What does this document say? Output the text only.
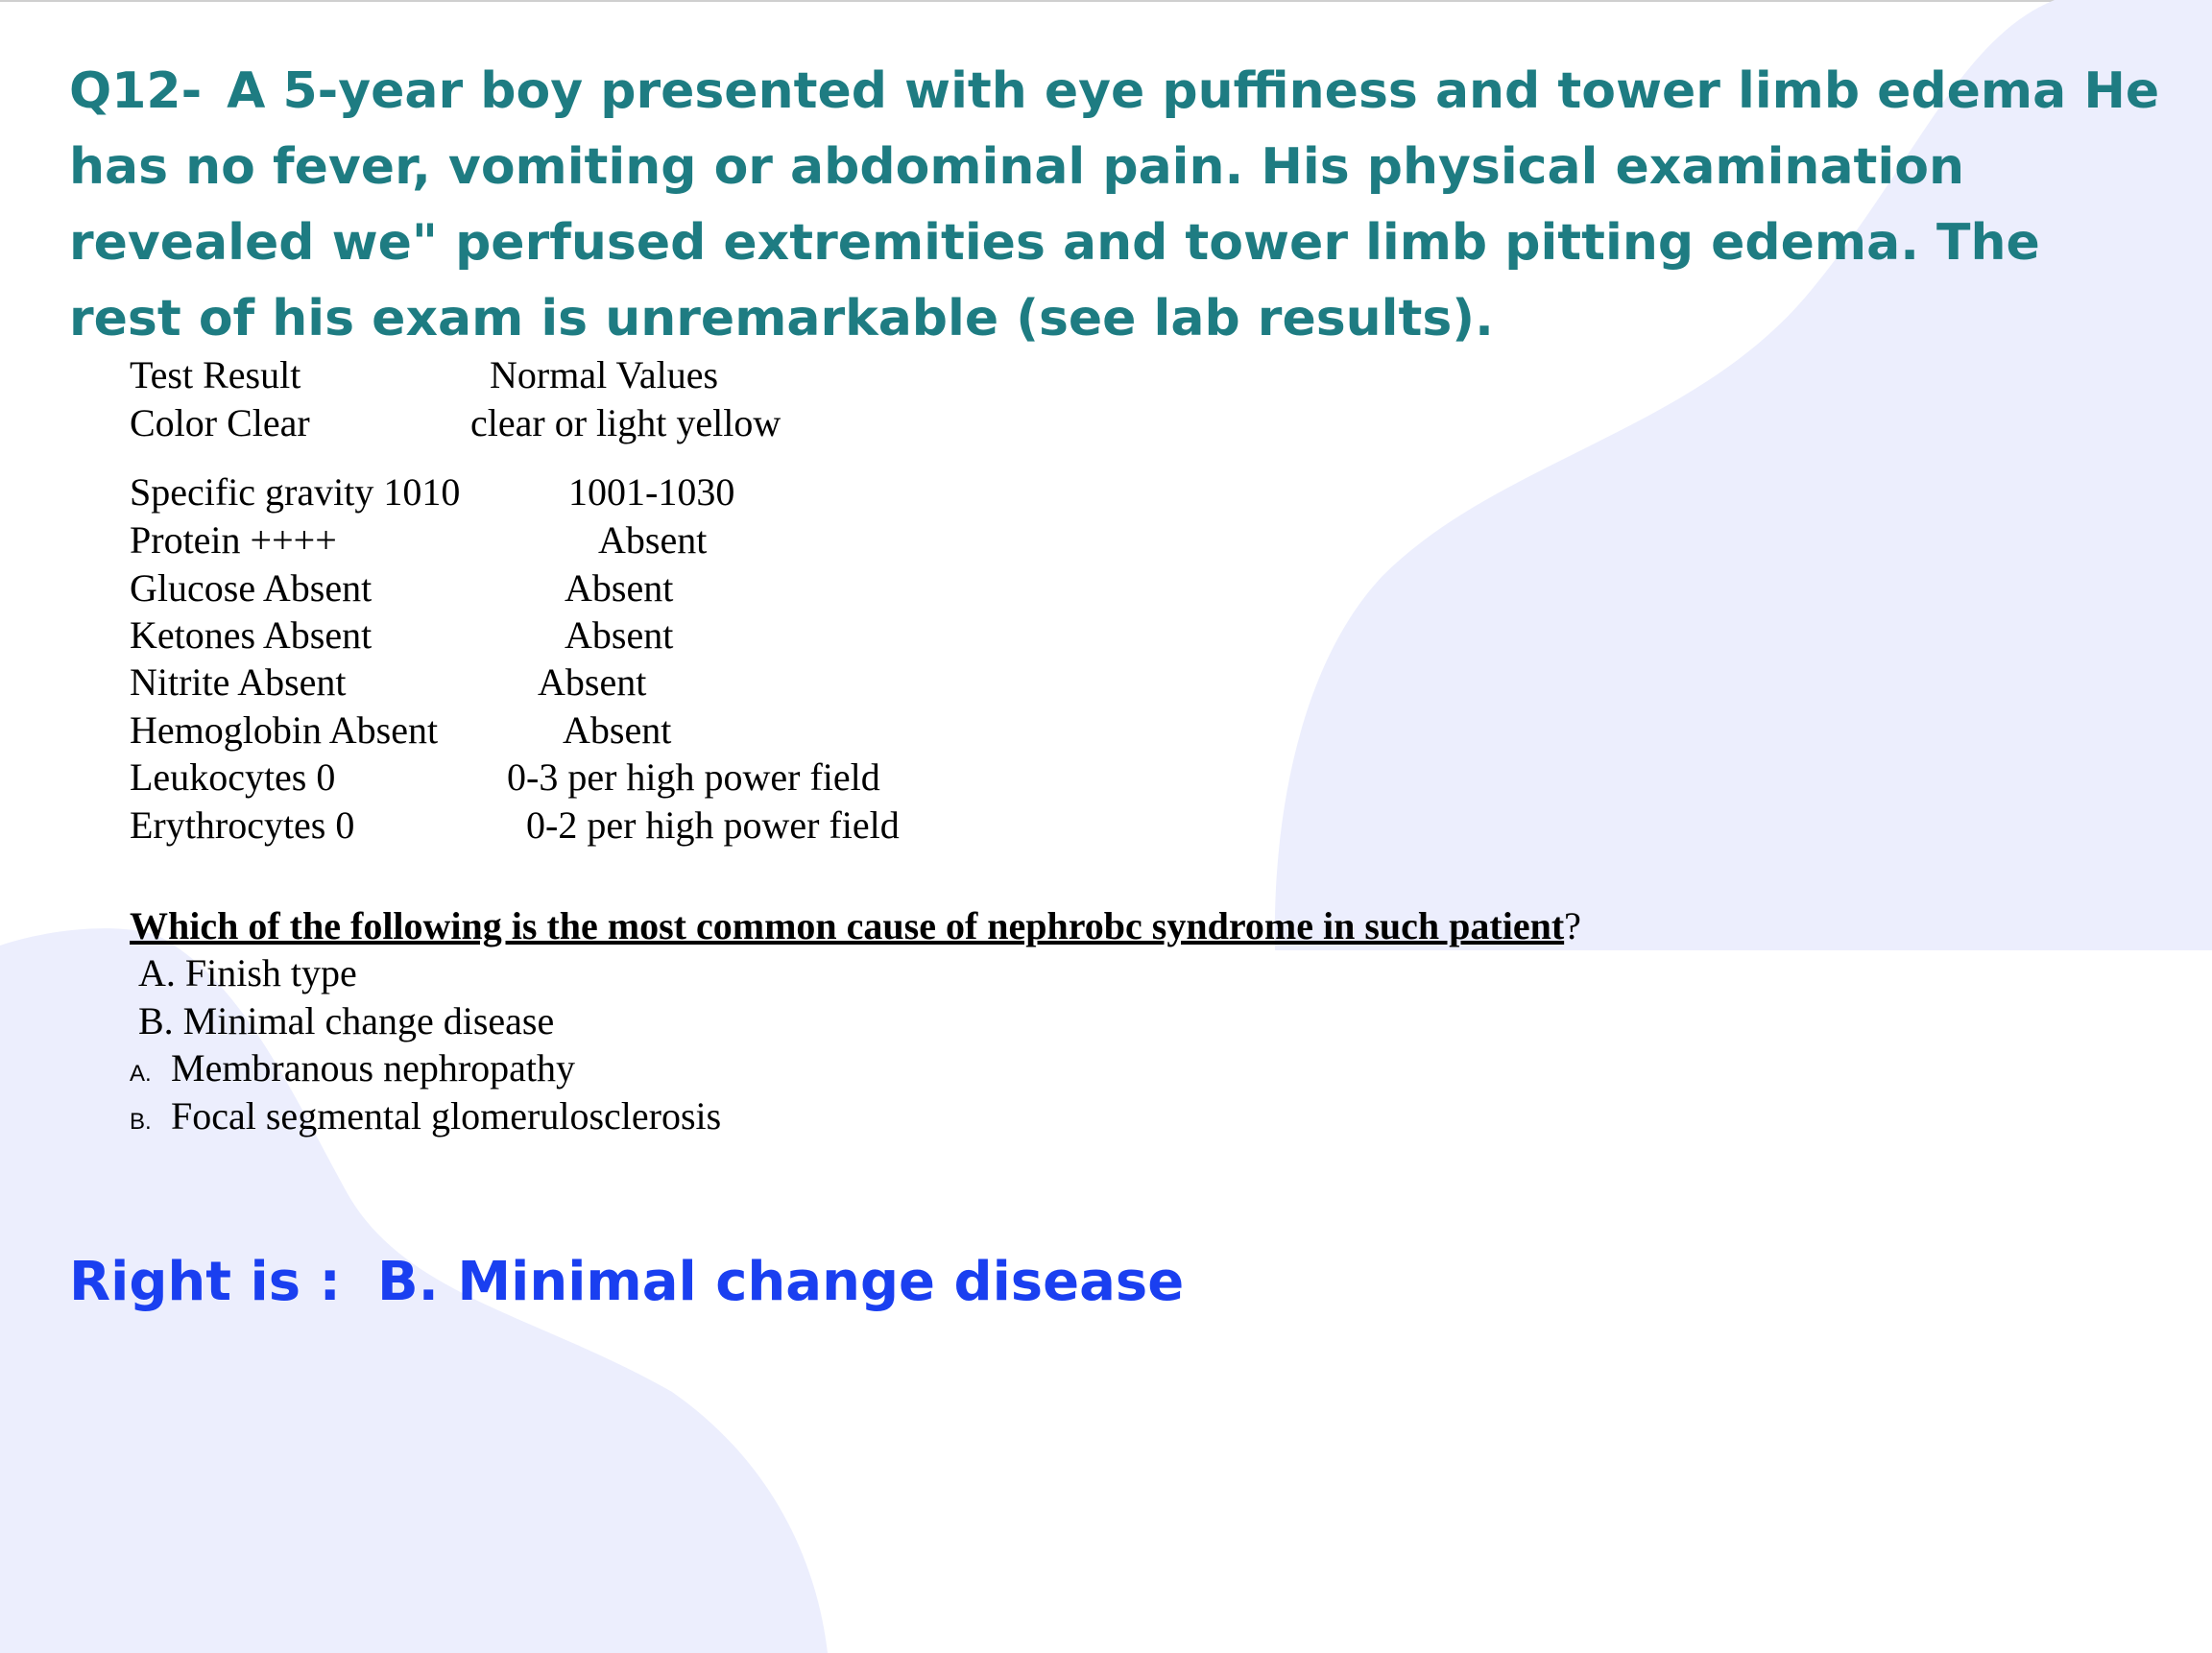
Q12- A 5-year boy presented with eye puffiness and tower limb edema He has no fever, vomiting or abdominal pain. His physical examination revealed we" perfused extremities and tower limb pitting edema. The rest of his exam is unremarkable (see lab results).

Test Result	Normal Values
Color Clear	clear or light yellow
Specific gravity 1010	1001-1030
Protein ++++	Absent
Glucose Absent	Absent
Ketones Absent	Absent
Nitrite Absent	Absent
Hemoglobin Absent	Absent
Leukocytes 0	0-3 per high power field
Erythrocytes 0	0-2 per high power field
Which of the following is the most common cause of nephrobc syndrome in such patient?
A. Finish type
B. Minimal change disease
A. Membranous nephropathy
B. Focal segmental glomerulosclerosis

Right is : B. Minimal change disease
